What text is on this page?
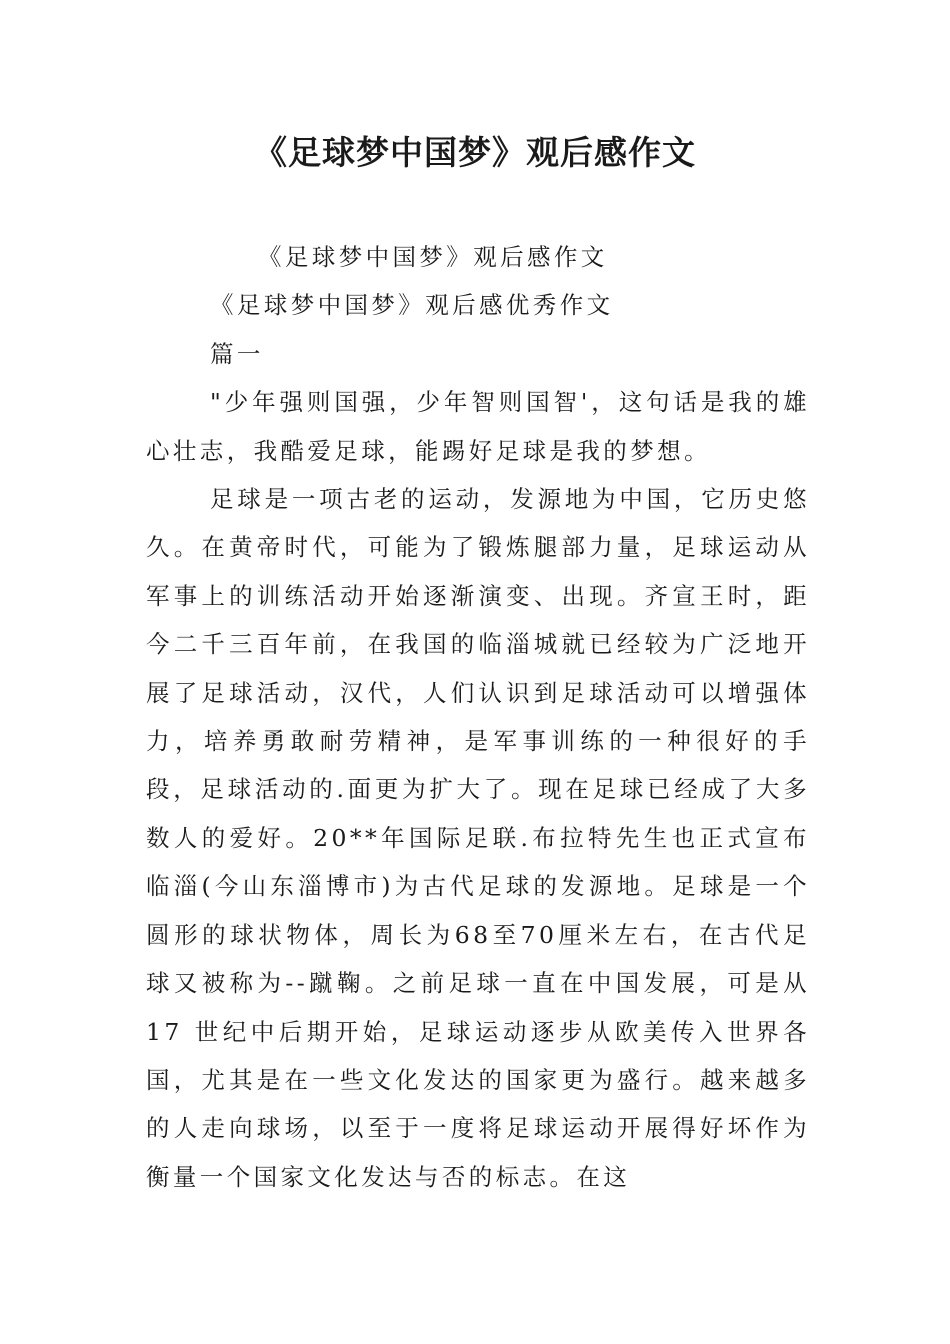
《足球梦中国梦》观后感作文

《足球梦中国梦》观后感作文

《足球梦中国梦》观后感优秀作文

篇一

"少年强则国强，少年智则国智'，这句话是我的雄心壮志，我酷爱足球，能踢好足球是我的梦想。

足球是一项古老的运动，发源地为中国，它历史悠久。在黄帝时代，可能为了锻炼腿部力量，足球运动从军事上的训练活动开始逐渐演变、出现。齐宣王时，距今二千三百年前，在我国的临淄城就已经较为广泛地开展了足球活动，汉代，人们认识到足球活动可以增强体力，培养勇敢耐劳精神，是军事训练的一种很好的手段，足球活动的.面更为扩大了。现在足球已经成了大多数人的爱好。20**年国际足联.布拉特先生也正式宣布临淄(今山东淄博市)为古代足球的发源地。足球是一个圆形的球状物体，周长为68至70厘米左右，在古代足球又被称为--蹴鞠。之前足球一直在中国发展，可是从 17 世纪中后期开始，足球运动逐步从欧美传入世界各国，尤其是在一些文化发达的国家更为盛行。越来越多的人走向球场，以至于一度将足球运动开展得好坏作为衡量一个国家文化发达与否的标志。在这
